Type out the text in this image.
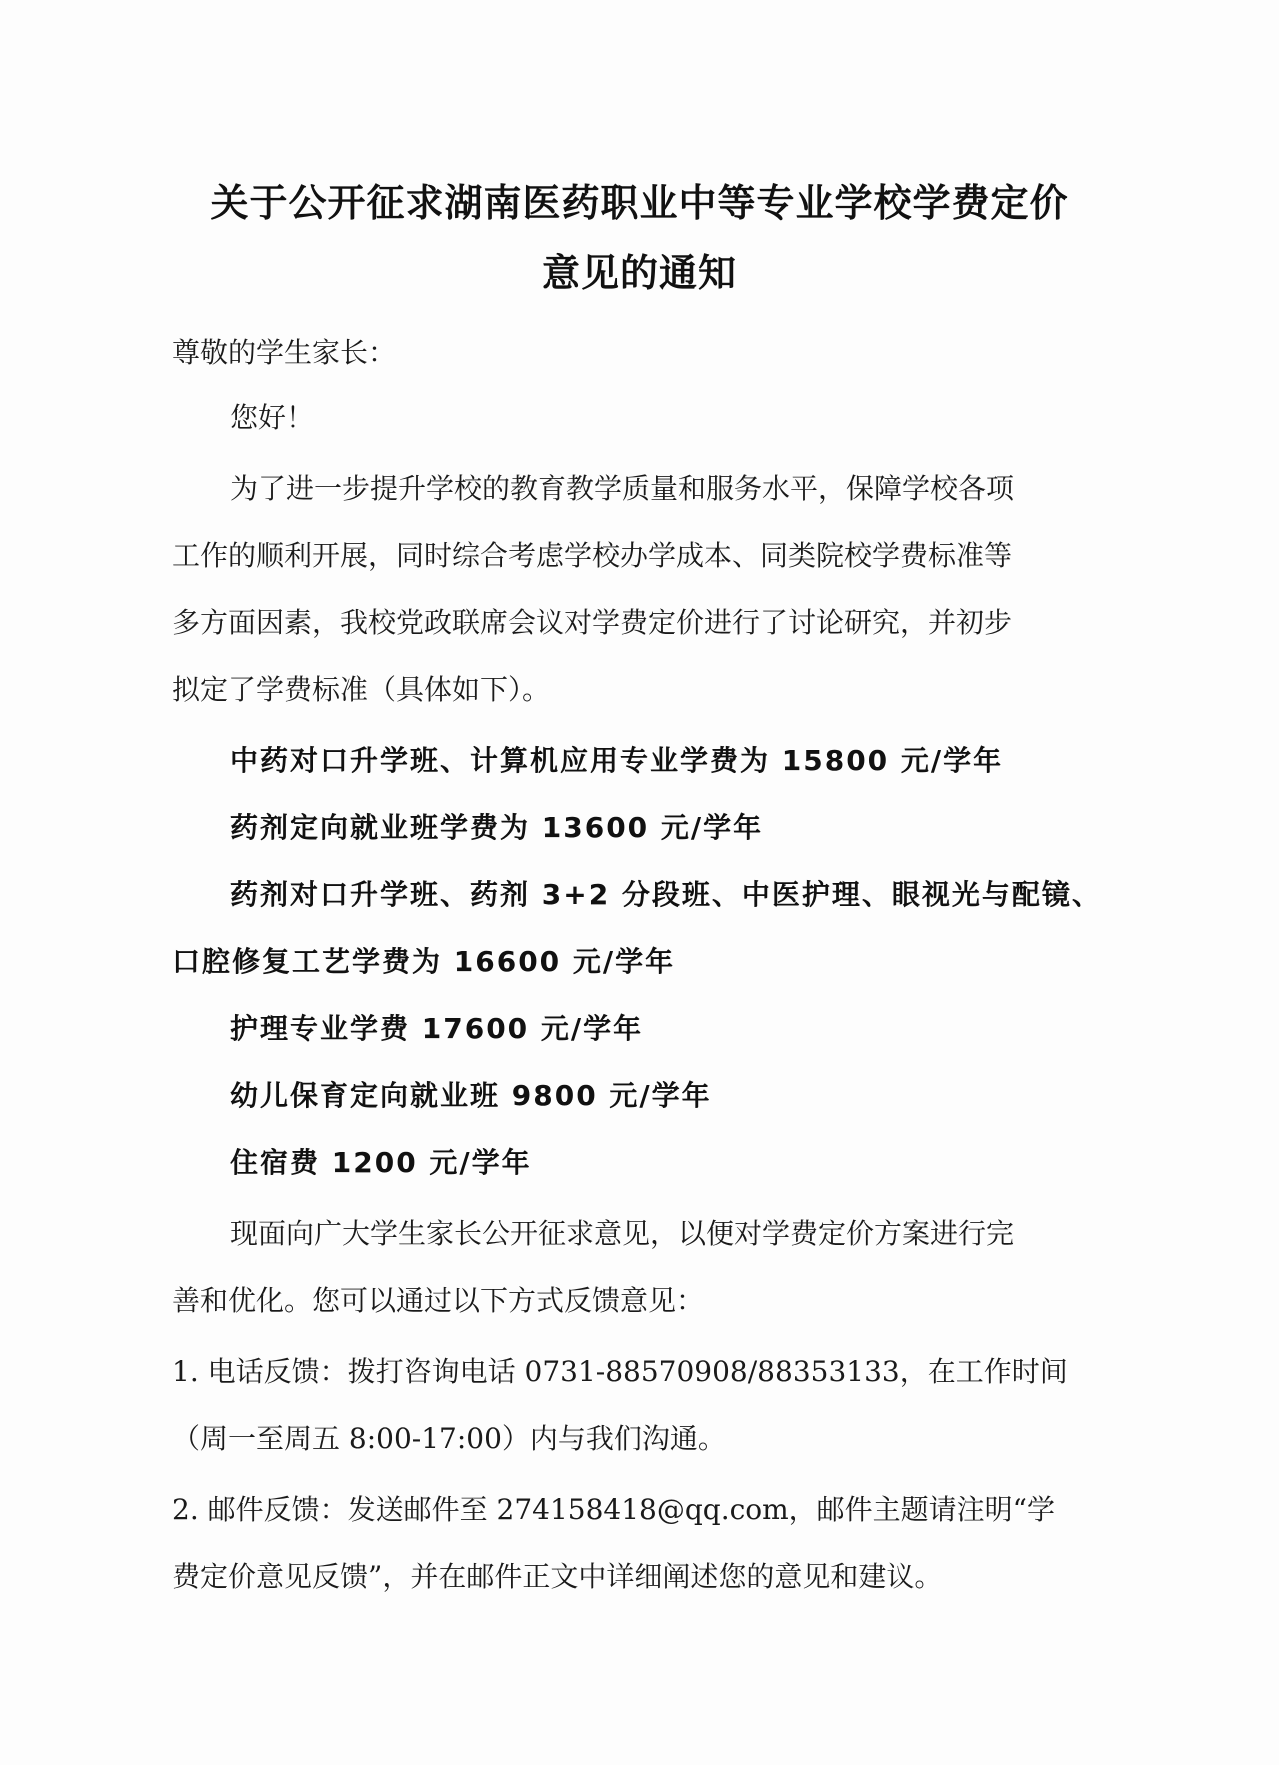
关于公开征求湖南医药职业中等专业学校学费定价
意见的通知
尊敬的学生家长：
您好！
为了进一步提升学校的教育教学质量和服务水平，保障学校各项
工作的顺利开展，同时综合考虑学校办学成本、同类院校学费标准等
多方面因素，我校党政联席会议对学费定价进行了讨论研究，并初步
拟定了学费标准（具体如下）。
中药对口升学班、计算机应用专业学费为 15800 元/学年
药剂定向就业班学费为 13600 元/学年
药剂对口升学班、药剂 3+2 分段班、中医护理、眼视光与配镜、
口腔修复工艺学费为 16600 元/学年
护理专业学费 17600 元/学年
幼儿保育定向就业班 9800 元/学年
住宿费 1200 元/学年
现面向广大学生家长公开征求意见，以便对学费定价方案进行完
善和优化。您可以通过以下方式反馈意见：
1. 电话反馈：拨打咨询电话 0731-88570908/88353133，在工作时间
（周一至周五 8:00-17:00）内与我们沟通。
2. 邮件反馈：发送邮件至 274158418@qq.com，邮件主题请注明“学
费定价意见反馈”，并在邮件正文中详细阐述您的意见和建议。
